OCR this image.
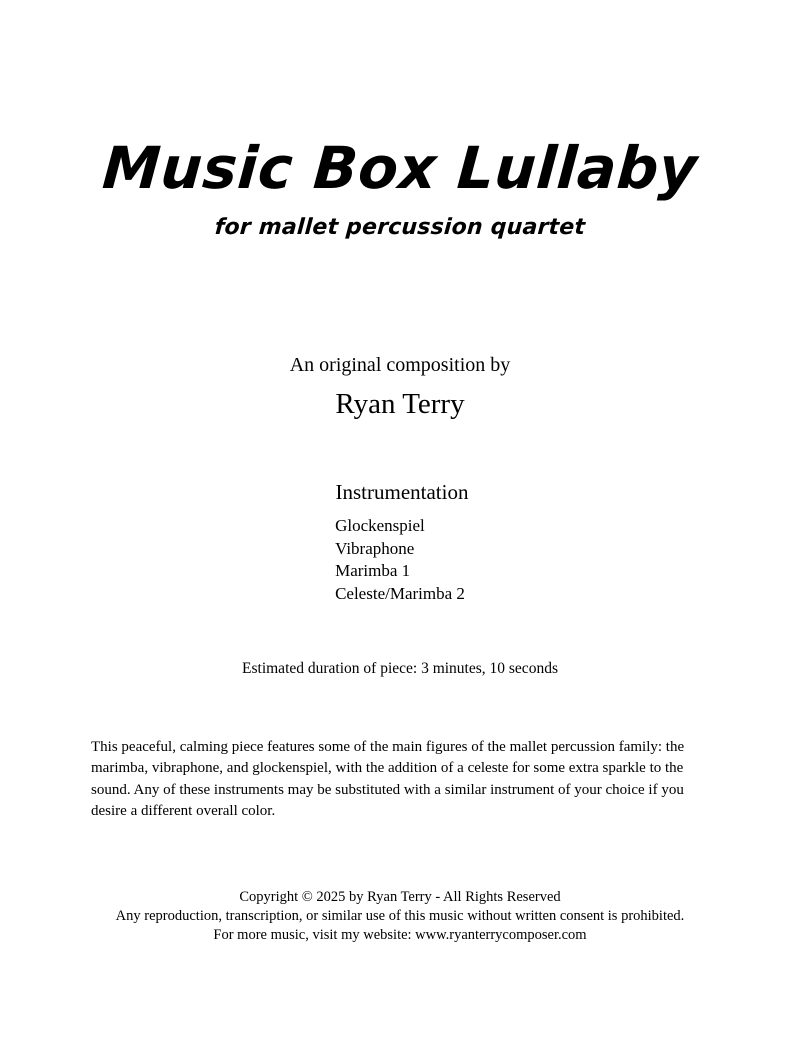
Music Box Lullaby

for mallet percussion quartet

An original composition by

Ryan Terry

Instrumentation
Glockenspiel
Vibraphone
Marimba 1
Celeste/Marimba 2
Estimated duration of piece: 3 minutes, 10 seconds
This peaceful, calming piece features some of the main figures of the mallet percussion family: the marimba, vibraphone, and glockenspiel, with the addition of a celeste for some extra sparkle to the sound. Any of these instruments may be substituted with a similar instrument of your choice if you desire a different overall color.
Copyright © 2025 by Ryan Terry - All Rights Reserved
Any reproduction, transcription, or similar use of this music without written consent is prohibited.
For more music, visit my website: www.ryanterrycomposer.com
